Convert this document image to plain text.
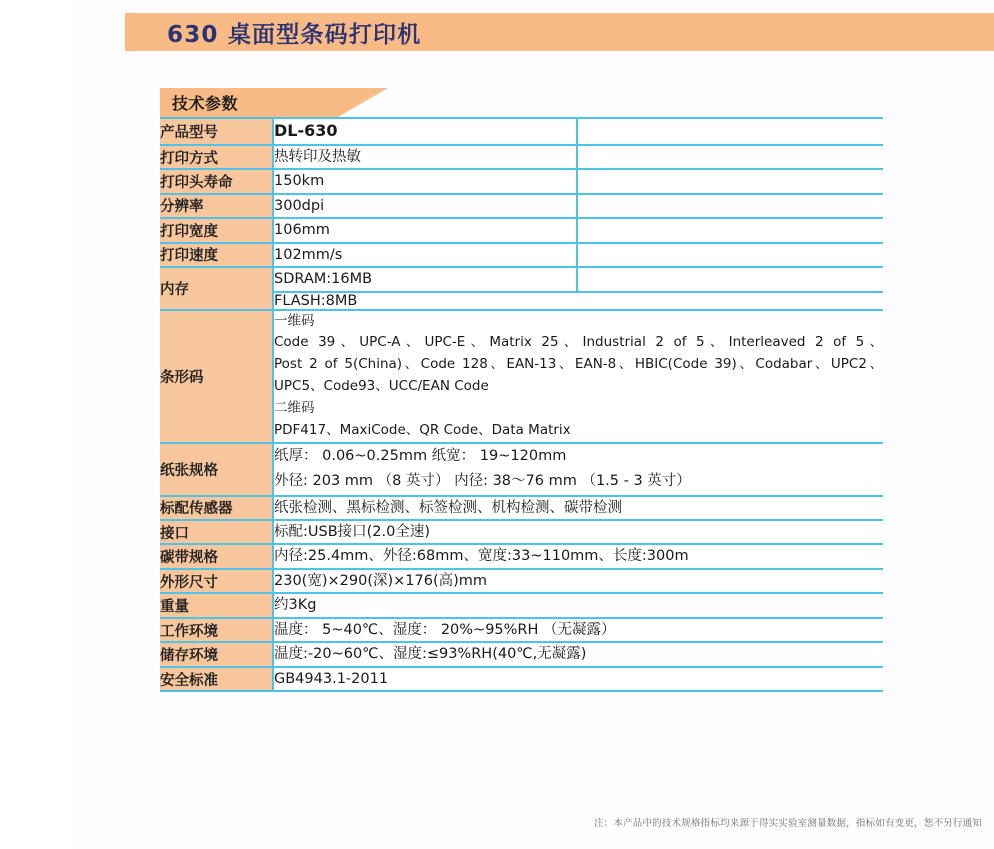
630 桌面型条码打印机
技术参数
产品型号	DL-630	
打印方式	热转印及热敏	
打印头寿命	150km	
分辨率	300dpi	
打印宽度	106mm	
打印速度	102mm/s	
内存	SDRAM:16MB	
	FLASH:8MB	
条形码	
一维码
Code 39、UPC-A、UPC-E、Matrix 25、Industrial 2 of 5、Interleaved 2 of 5、
Post 2 of 5(China)、Code 128、EAN-13、EAN-8、HBIC(Code 39)、Codabar、UPC2、
UPC5、Code93、UCC/EAN Code
二维码
PDF417、MaxiCode、QR Code、Data Matrix

纸张规格	纸厚： 0.06~0.25mm 纸宽： 19~120mm
外径: 203 mm （8 英寸） 内径: 38～76 mm （1.5 - 3 英寸）	

标配传感器	纸张检测、黑标检测、标签检测、机构检测、碳带检测	
接口	标配:USB接口(2.0全速)	
碳带规格	内径:25.4mm、外径:68mm、宽度:33~110mm、长度:300m	
外形尺寸	230(宽)×290(深)×176(高)mm	
重量	约3Kg	
工作环境	温度： 5~40℃、湿度： 20%~95%RH （无凝露）	
储存环境	温度:-20~60℃、湿度:≤93%RH(40℃,无凝露)	
安全标准	GB4943.1-2011	
注：本产品中的技术规格指标均来源于得实实验室测量数据，指标如有变更，恕不另行通知
